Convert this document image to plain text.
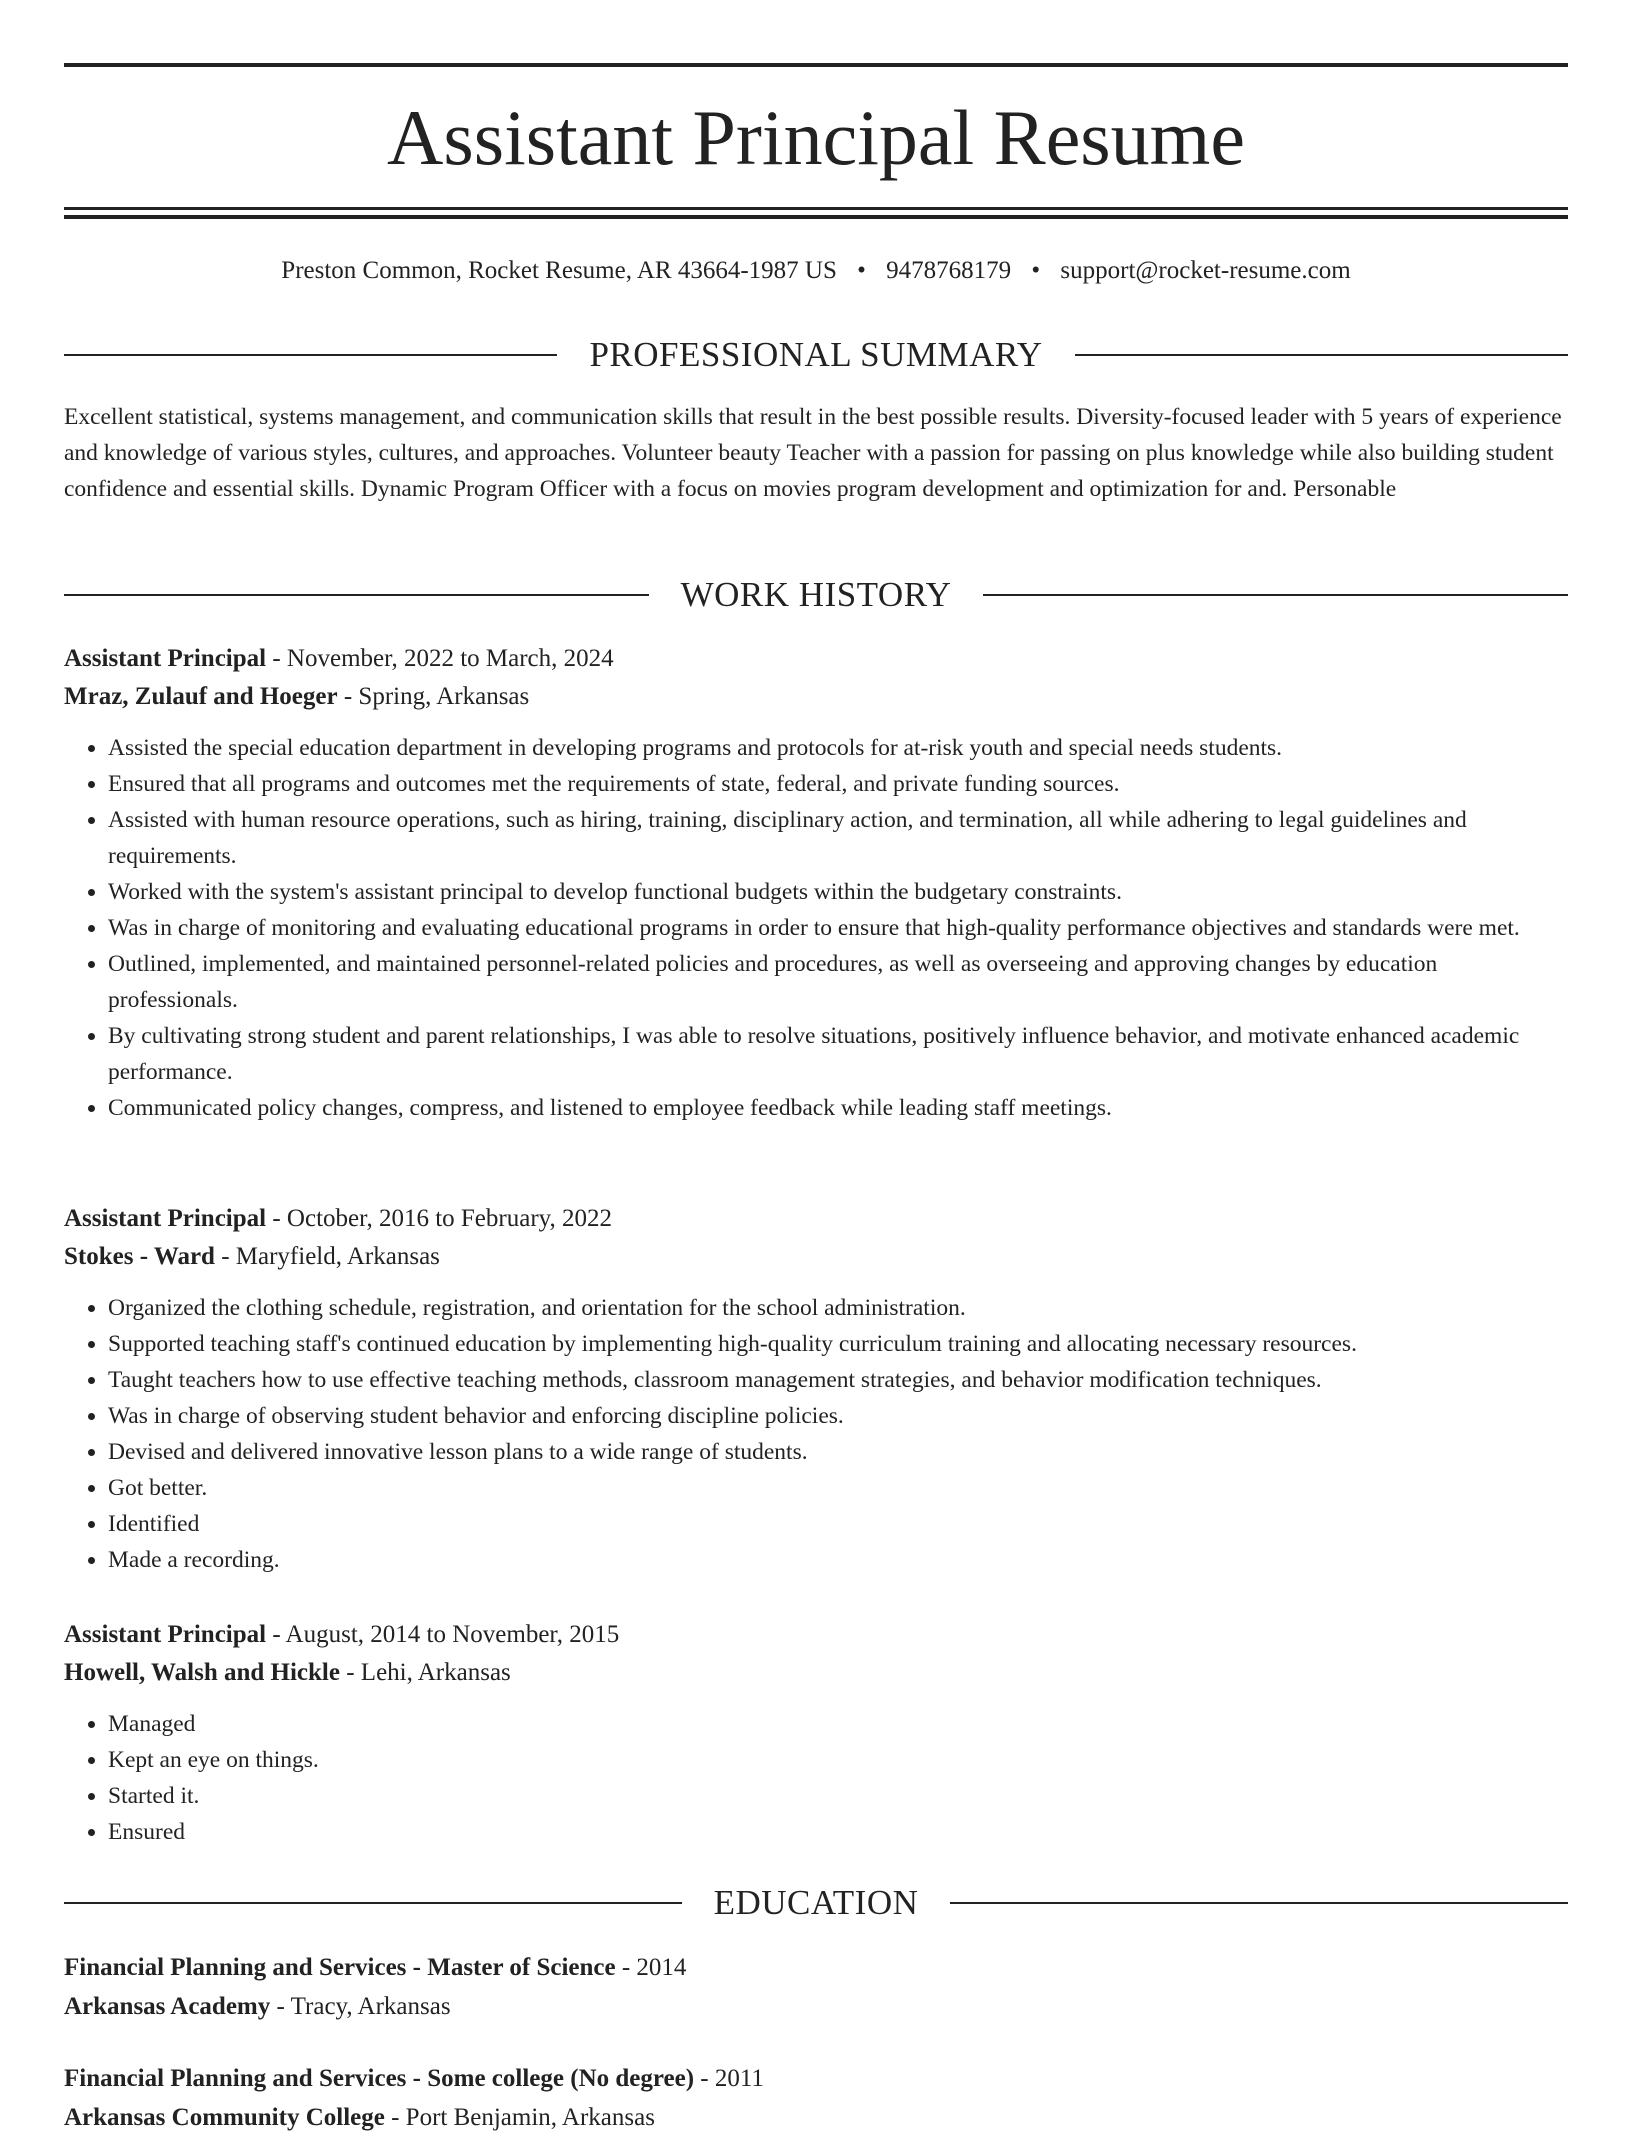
Assistant Principal Resume
Preston Common, Rocket Resume, AR 43664-1987 US • 9478768179 • support@rocket-resume.com
PROFESSIONAL SUMMARY

Excellent statistical, systems management, and communication skills that result in the best possible results. Diversity-focused leader with 5 years of experience and knowledge of various styles, cultures, and approaches. Volunteer beauty Teacher with a passion for passing on plus knowledge while also building student confidence and essential skills. Dynamic Program Officer with a focus on movies program development and optimization for and. Personable

WORK HISTORY
Assistant Principal - November, 2022 to March, 2024
Mraz, Zulauf and Hoeger - Spring, Arkansas
• Assisted the special education department in developing programs and protocols for at-risk youth and special needs students.
• Ensured that all programs and outcomes met the requirements of state, federal, and private funding sources.
• Assisted with human resource operations, such as hiring, training, disciplinary action, and termination, all while adhering to legal guidelines and requirements.
• Worked with the system's assistant principal to develop functional budgets within the budgetary constraints.
• Was in charge of monitoring and evaluating educational programs in order to ensure that high-quality performance objectives and standards were met.
• Outlined, implemented, and maintained personnel-related policies and procedures, as well as overseeing and approving changes by education professionals.
• By cultivating strong student and parent relationships, I was able to resolve situations, positively influence behavior, and motivate enhanced academic performance.
• Communicated policy changes, compress, and listened to employee feedback while leading staff meetings.
Assistant Principal - October, 2016 to February, 2022
Stokes - Ward - Maryfield, Arkansas
• Organized the clothing schedule, registration, and orientation for the school administration.
• Supported teaching staff's continued education by implementing high-quality curriculum training and allocating necessary resources.
• Taught teachers how to use effective teaching methods, classroom management strategies, and behavior modification techniques.
• Was in charge of observing student behavior and enforcing discipline policies.
• Devised and delivered innovative lesson plans to a wide range of students.
• Got better.
• Identified
• Made a recording.
Assistant Principal - August, 2014 to November, 2015
Howell, Walsh and Hickle - Lehi, Arkansas
• Managed
• Kept an eye on things.
• Started it.
• Ensured
EDUCATION
Financial Planning and Services - Master of Science - 2014
Arkansas Academy - Tracy, Arkansas
Financial Planning and Services - Some college (No degree) - 2011
Arkansas Community College - Port Benjamin, Arkansas
